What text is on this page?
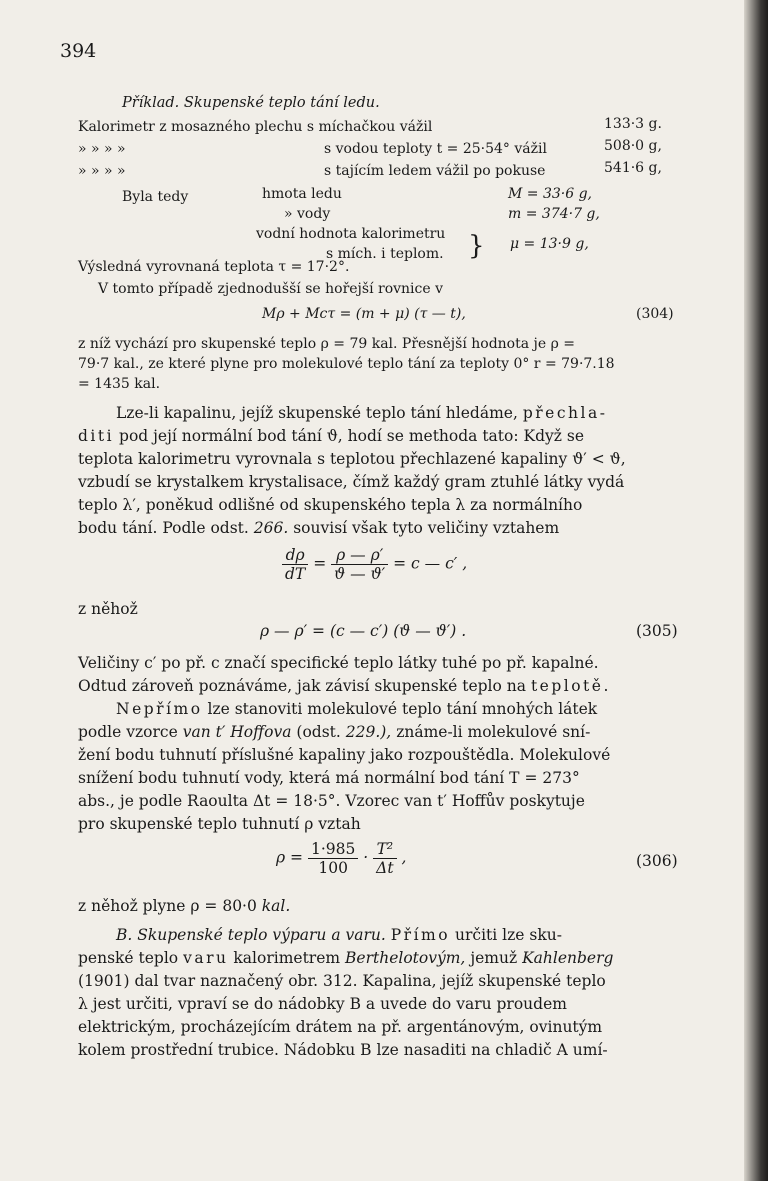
394
Příklad. Skupenské teplo tání ledu.
Kalorimetr z mosazného plechu s míchačkou vážil	133·3 g.
» » » »	s vodou teploty t = 25·54° vážil	508·0 g,
» » » »	s tajícím ledem vážil po pokuse	541·6 g,
Byla tedy	hmota ledu	M = 33·6 g,
» vody	m = 374·7 g,
vodní hodnota kalorimetru
s mích. i teplom. } μ = 13·9 g,
Výsledná vyrovnaná teplota τ = 17·2°.
V tomto případě zjednodušší se hořejší rovnice v
Mρ + Mcτ = (m + μ) (τ — t),	(304)
z níž vychází pro skupenské teplo ρ = 79 kal. Přesnější hodnota je ρ =
79·7 kal., ze které plyne pro molekulové teplo tání za teploty 0° r = 79·7.18
= 1435 kal.
Lze-li kapalinu, jejíž skupenské teplo tání hledáme, přechla-
diti pod její normální bod tání ϑ, hodí se methoda tato: Když se
teplota kalorimetru vyrovnala s teplotou přechlazené kapaliny ϑ′ < ϑ,
vzbudí se krystalkem krystalisace, čímž každý gram ztuhlé látky vydá
teplo λ′, poněkud odlišné od skupenského tepla λ za normálního
bodu tání. Podle odst. 266. souvisí však tyto veličiny vztahem
$\frac{d\rho}{dT} = \frac{\rho — \rho'}{ϑ — ϑ'} = c$ — c′ ,
z něhož
ρ — ρ′ = (c — c′) (ϑ — ϑ′) .	(305)
Veličiny c′ po př. c značí specifické teplo látky tuhé po př. kapalné.
Odtud zároveň poznáváme, jak závisí skupenské teplo na teplotě.
Nepřímo lze stanoviti molekulové teplo tání mnohých látek
podle vzorce van t′ Hoffova (odst. 229.), známe-li molekulové sní-
žení bodu tuhnutí příslušné kapaliny jako rozpouštědla. Molekulové
snížení bodu tuhnutí vody, která má normální bod tání T = 273°
abs., je podle Raoulta Δt = 18·5°. Vzorec van t′ Hoffův poskytuje
pro skupenské teplo tuhnutí ρ vztah
$\rho = \frac{1\cdot 985}{100} \cdot \frac{\text{T²}}{\Delta t}$ ,	(306)
z něhož plyne ρ = 80·0 kal.
B. Skupenské teplo výparu a varu. Přímo určiti lze sku-
penské teplo varu kalorimetrem Berthelotovým, jemuž Kahlenberg
(1901) dal tvar naznačený obr. 312. Kapalina, jejíž skupenské teplo
λ jest určiti, vpraví se do nádobky B a uvede do varu proudem
elektrickým, procházejícím drátem na př. argentánovým, ovinutým
kolem prostřední trubice. Nádobku B lze nasaditi na chladič A umí-
